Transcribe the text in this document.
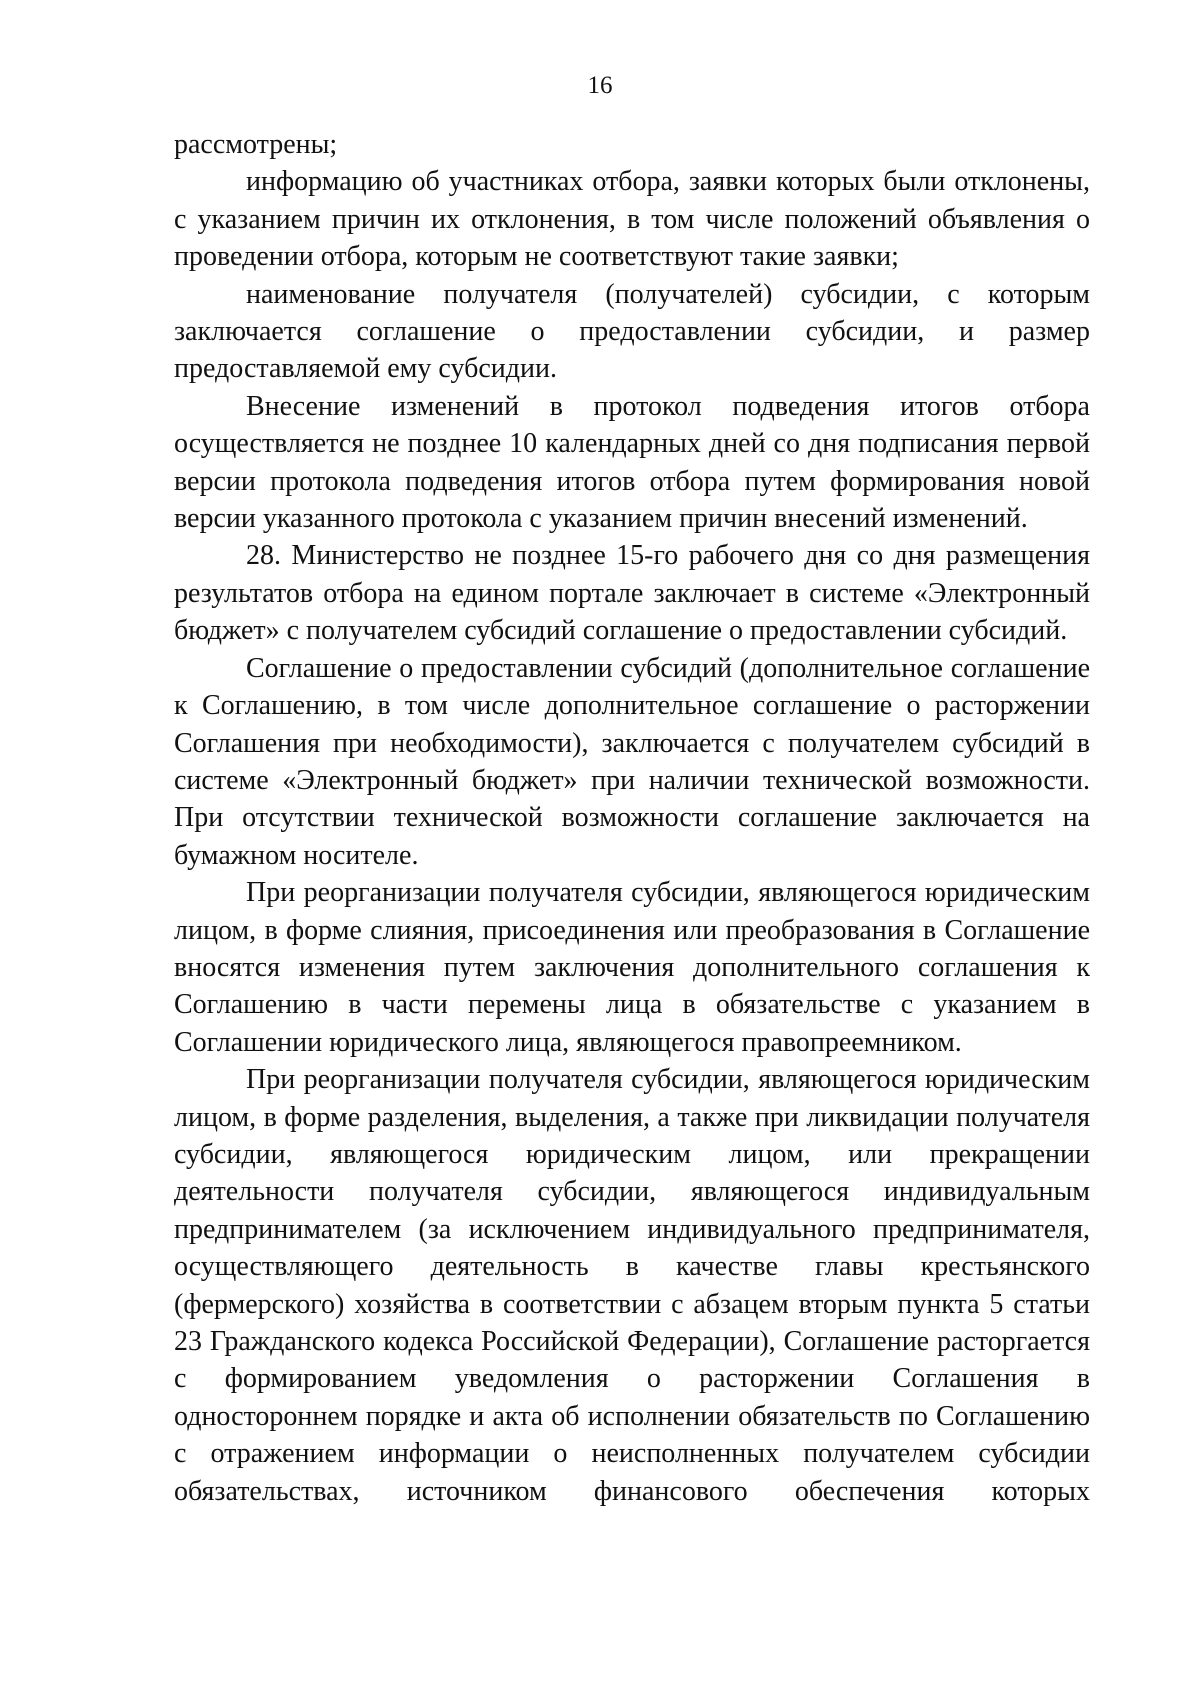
16

рассмотрены;

информацию об участниках отбора, заявки которых были отклонены, с указанием причин их отклонения, в том числе положений объявления о проведении отбора, которым не соответствуют такие заявки;

наименование получателя (получателей) субсидии, с которым заключается соглашение о предоставлении субсидии, и размер предоставляемой ему субсидии.

Внесение изменений в протокол подведения итогов отбора осуществляется не позднее 10 календарных дней со дня подписания первой версии протокола подведения итогов отбора путем формирования новой версии указанного протокола с указанием причин внесений изменений.

28. Министерство не позднее 15-го рабочего дня со дня размещения результатов отбора на едином портале заключает в системе «Электронный бюджет» с получателем субсидий соглашение о предоставлении субсидий.

Соглашение о предоставлении субсидий (дополнительное соглашение к Соглашению, в том числе дополнительное соглашение о расторжении Соглашения при необходимости), заключается с получателем субсидий в системе «Электронный бюджет» при наличии технической возможности. При отсутствии технической возможности соглашение заключается на бумажном носителе.

При реорганизации получателя субсидии, являющегося юридическим лицом, в форме слияния, присоединения или преобразования в Соглашение вносятся изменения путем заключения дополнительного соглашения к Соглашению в части перемены лица в обязательстве с указанием в Соглашении юридического лица, являющегося правопреемником.

При реорганизации получателя субсидии, являющегося юридическим лицом, в форме разделения, выделения, а также при ликвидации получателя субсидии, являющегося юридическим лицом, или прекращении деятельности получателя субсидии, являющегося индивидуальным предпринимателем (за исключением индивидуального предпринимателя, осуществляющего деятельность в качестве главы крестьянского (фермерского) хозяйства в соответствии с абзацем вторым пункта 5 статьи 23 Гражданского кодекса Российской Федерации), Соглашение расторгается с формированием уведомления о расторжении Соглашения в одностороннем порядке и акта об исполнении обязательств по Соглашению с отражением информации о неисполненных получателем субсидии обязательствах, источником финансового обеспечения которых
